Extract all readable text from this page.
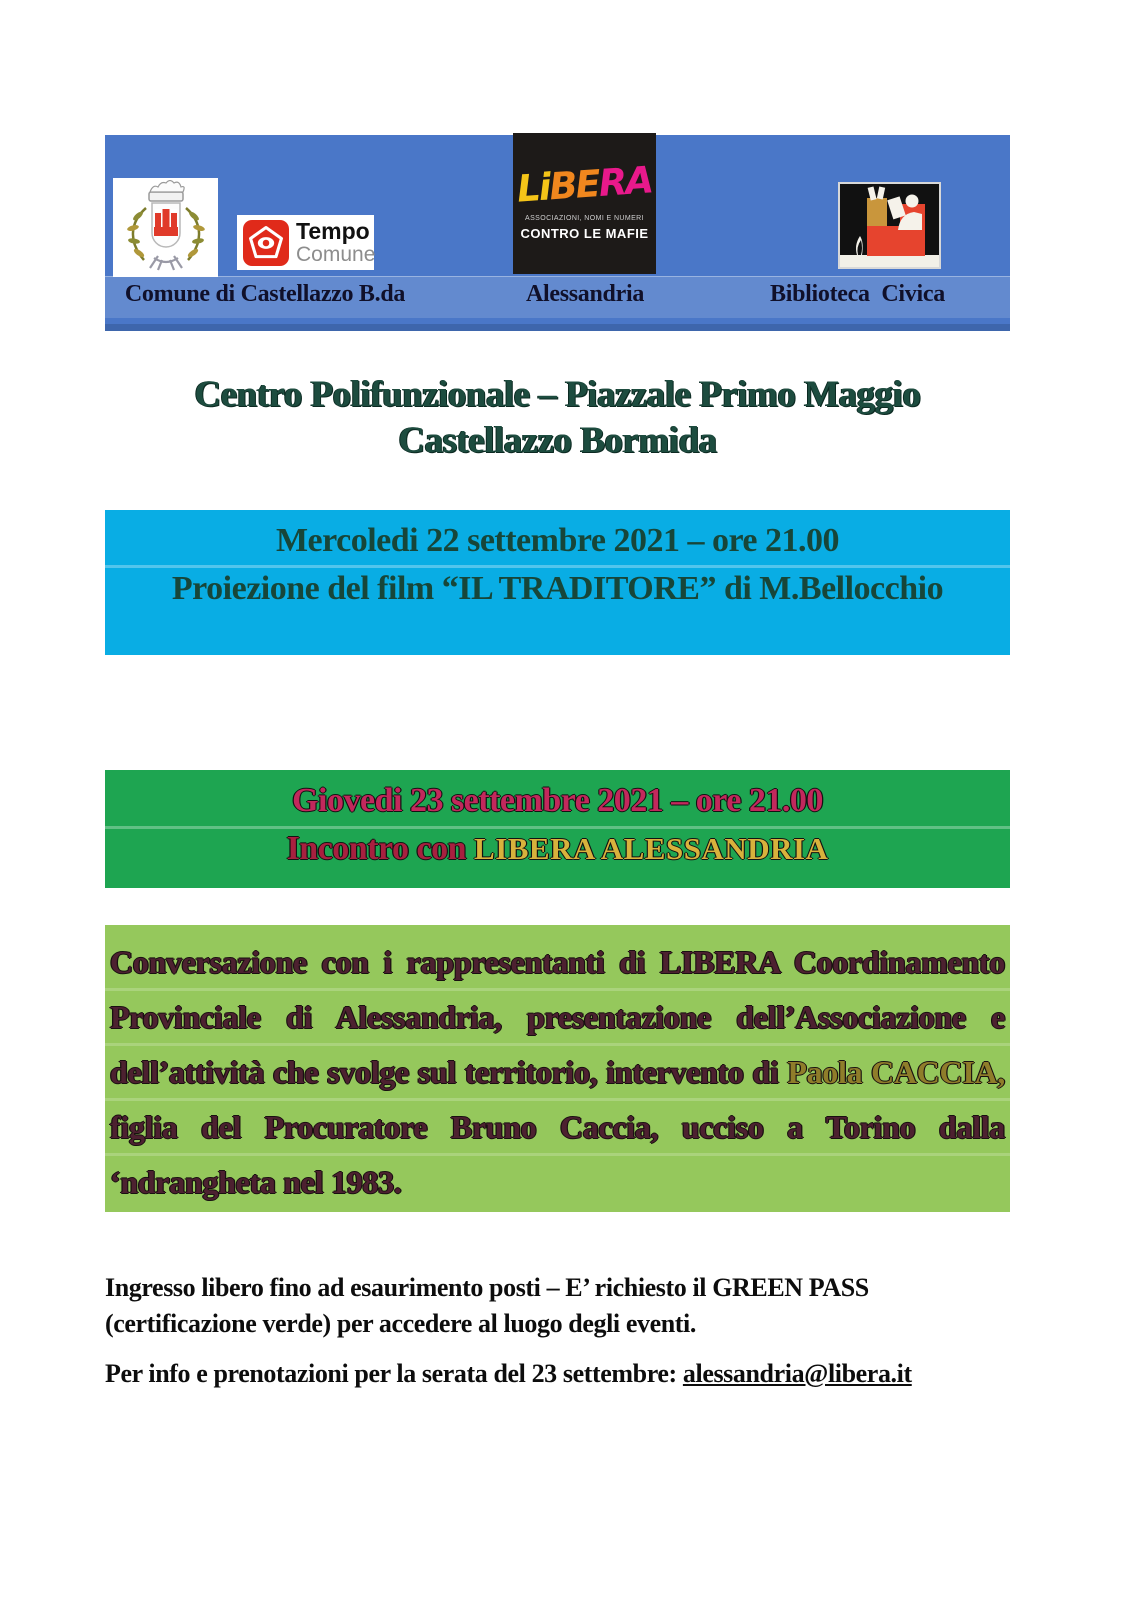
Tempo
Comune
LiBERA
ASSOCIAZIONI, NOMI E NUMERI
CONTRO LE MAFIE
Comune di Castellazzo B.da	Alessandria	Biblioteca Civica
Centro Polifunzionale – Piazzale Primo Maggio
Castellazzo Bormida
Mercoledi 22 settembre 2021 – ore 21.00
Proiezione del film “IL TRADITORE” di M.Bellocchio
Giovedi 23 settembre 2021 – ore 21.00
Incontro con LIBERA ALESSANDRIA
Conversazione con i rappresentanti di LIBERA Coordinamento Provinciale di Alessandria, presentazione dell’Associazione e dell’attività che svolge sul territorio, intervento di Paola CACCIA, figlia del Procuratore Bruno Caccia, ucciso a Torino dalla ‘ndrangheta nel 1983.
Ingresso libero fino ad esaurimento posti – E’ richiesto il GREEN PASS (certificazione verde) per accedere al luogo degli eventi.
Per info e prenotazioni per la serata del 23 settembre: alessandria@libera.it
